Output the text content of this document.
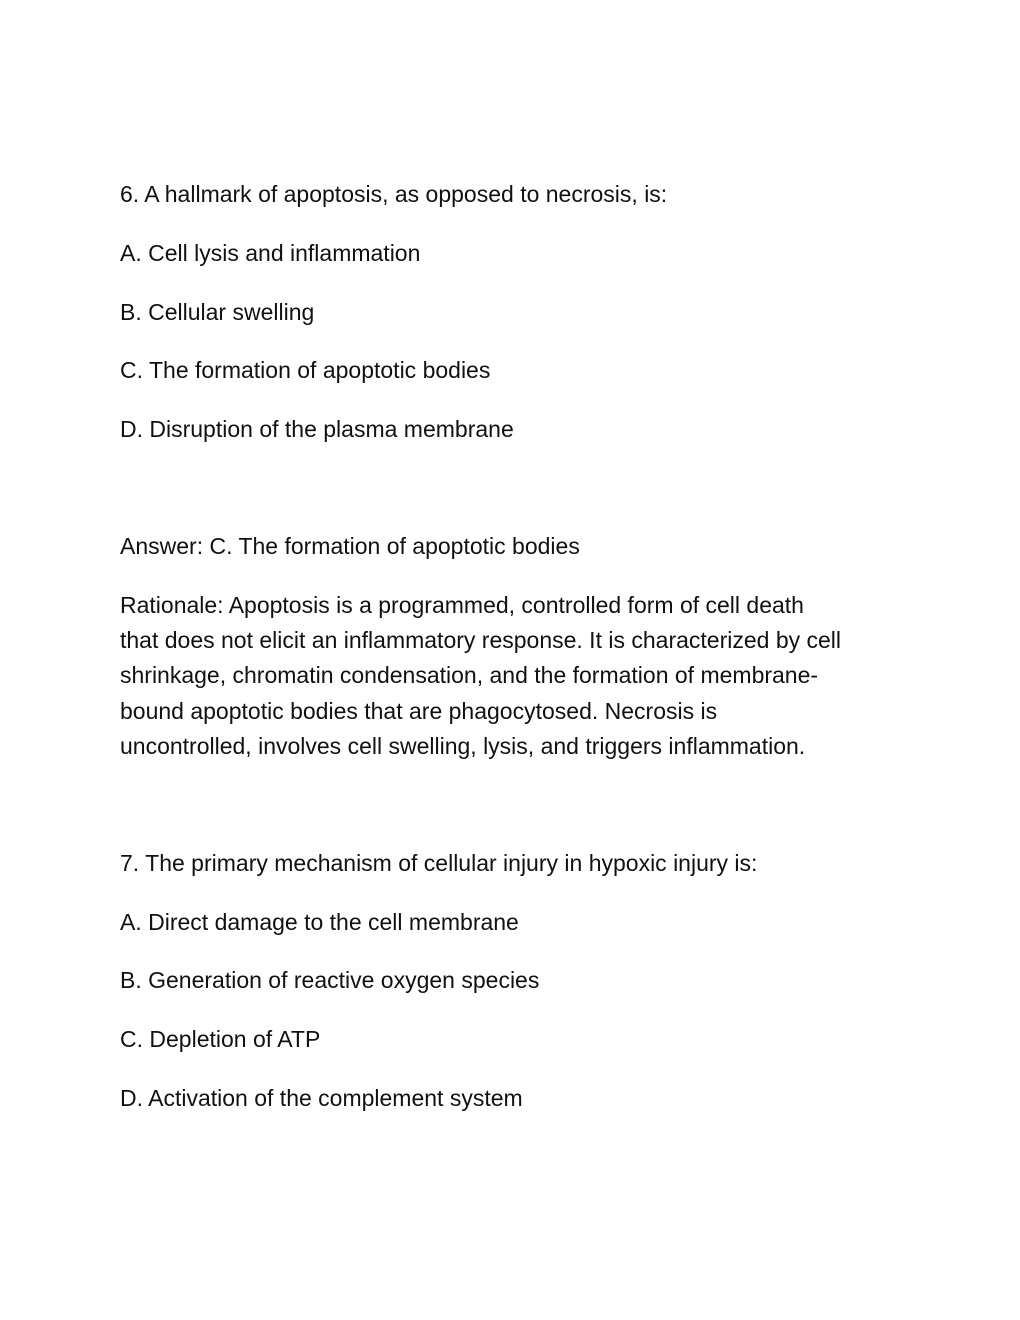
6. A hallmark of apoptosis, as opposed to necrosis, is:

A. Cell lysis and inflammation

B. Cellular swelling

C. The formation of apoptotic bodies

D. Disruption of the plasma membrane

Answer: C. The formation of apoptotic bodies

Rationale: Apoptosis is a programmed, controlled form of cell death

that does not elicit an inflammatory response. It is characterized by cell

shrinkage, chromatin condensation, and the formation of membrane-

bound apoptotic bodies that are phagocytosed. Necrosis is

uncontrolled, involves cell swelling, lysis, and triggers inflammation.

7. The primary mechanism of cellular injury in hypoxic injury is:

A. Direct damage to the cell membrane

B. Generation of reactive oxygen species

C. Depletion of ATP

D. Activation of the complement system
